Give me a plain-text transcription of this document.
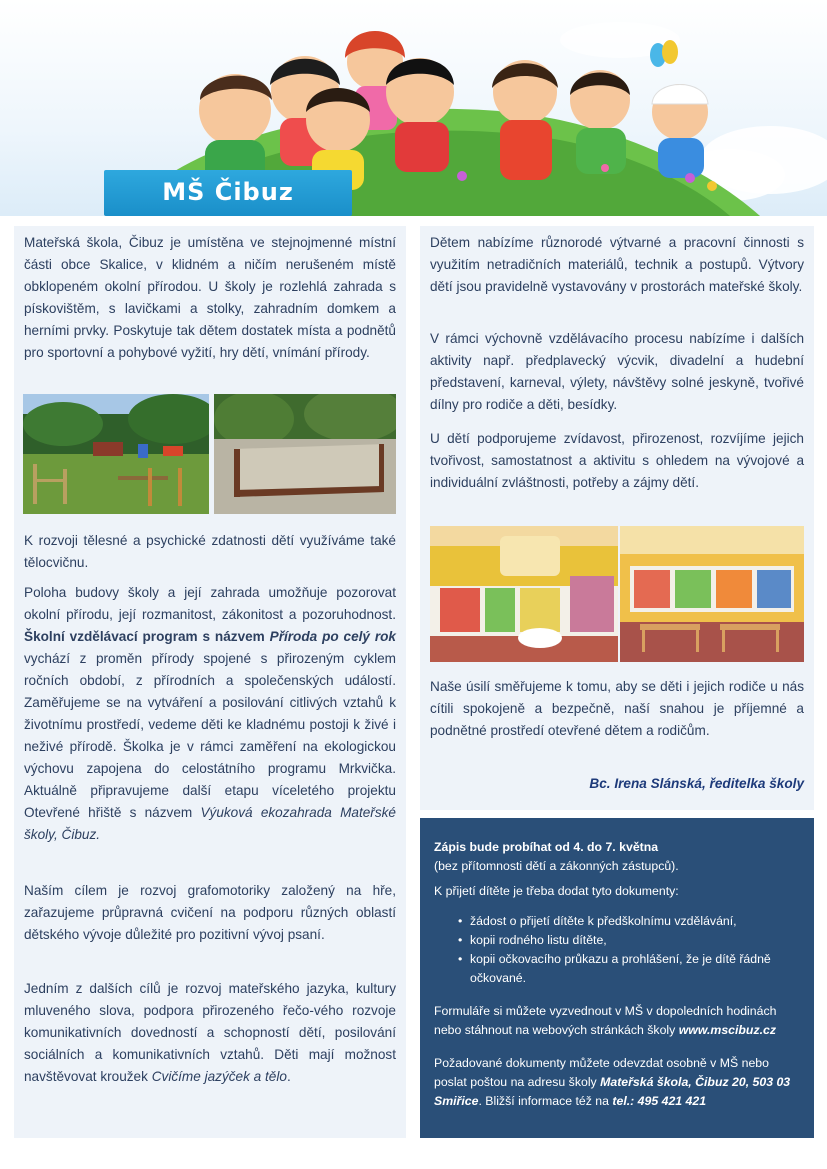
MŠ Čibuz

Mateřská škola, Čibuz je umístěna ve stejnojmenné místní části obce Skalice, v klidném a ničím nerušeném místě obklopeném okolní přírodou. U školy je rozlehlá zahrada s pískovištěm, s lavičkami a stolky, zahradním domkem a herními prvky. Poskytuje tak dětem dostatek místa a podnětů pro sportovní a pohybové vyžití, hry dětí, vnímání přírody.

K rozvoji tělesné a psychické zdatnosti dětí využíváme také tělocvičnu.

Poloha budovy školy a její zahrada umožňuje pozorovat okolní přírodu, její rozmanitost, zákonitost a pozoruhodnost. Školní vzdělávací program s názvem Příroda po celý rok vychází z proměn přírody spojené s přirozeným cyklem ročních období, z přírodních a společenských událostí. Zaměřujeme se na vytváření a posilování citlivých vztahů k životnímu prostředí, vedeme děti ke kladnému postoji k živé i neživé přírodě. Školka je v rámci zaměření na ekologickou výchovu zapojena do celostátního programu Mrkvička. Aktuálně připravujeme další etapu víceletého projektu Otevřené hřiště s názvem Výuková ekozahrada Mateřské školy, Čibuz.

Naším cílem je rozvoj grafomotoriky založený na hře, zařazujeme průpravná cvičení na podporu různých oblastí dětského vývoje důležité pro pozitivní vývoj psaní.

Jedním z dalších cílů je rozvoj mateřského jazyka, kultury mluveného slova, podpora přirozeného řečo-vého rozvoje komunikativních dovedností a schopností dětí, posilování sociálních a komunikativních vztahů. Děti mají možnost navštěvovat kroužek Cvičíme jazýček a tělo.

Dětem nabízíme různorodé výtvarné a pracovní činnosti s využitím netradičních materiálů, technik a postupů. Výtvory dětí jsou pravidelně vystavovány v prostorách mateřské školy.

V rámci výchovně vzdělávacího procesu nabízíme i dalších aktivity např. předplavecký výcvik, divadelní a hudební představení, karneval, výlety, návštěvy solné jeskyně, tvořivé dílny pro rodiče a děti, besídky.

U dětí podporujeme zvídavost, přirozenost, rozvíjíme jejich tvořivost, samostatnost a aktivitu s ohledem na vývojové a individuální zvláštnosti, potřeby a zájmy dětí.

Naše úsilí směřujeme k tomu, aby se děti i jejich rodiče u nás cítili spokojeně a bezpečně, naší snahou je příjemné a podnětné prostředí otevřené dětem a rodičům.

Bc. Irena Slánská, ředitelka školy
Zápis bude probíhat od 4. do 7. května
(bez přítomnosti dětí a zákonných zástupců).
K přijetí dítěte je třeba dodat tyto dokumenty:
• žádost o přijetí dítěte k předškolnímu vzdělávání,
• kopii rodného listu dítěte,
• kopii očkovacího průkazu a prohlášení, že je dítě řádně očkované.
Formuláře si můžete vyzvednout v MŠ v dopoledních hodinách nebo stáhnout na webových stránkách školy www.mscibuz.cz
Požadované dokumenty můžete odevzdat osobně v MŠ nebo poslat poštou na adresu školy Mateřská škola, Čibuz 20, 503 03 Smiřice. Bližší informace též na tel.: 495 421 421
